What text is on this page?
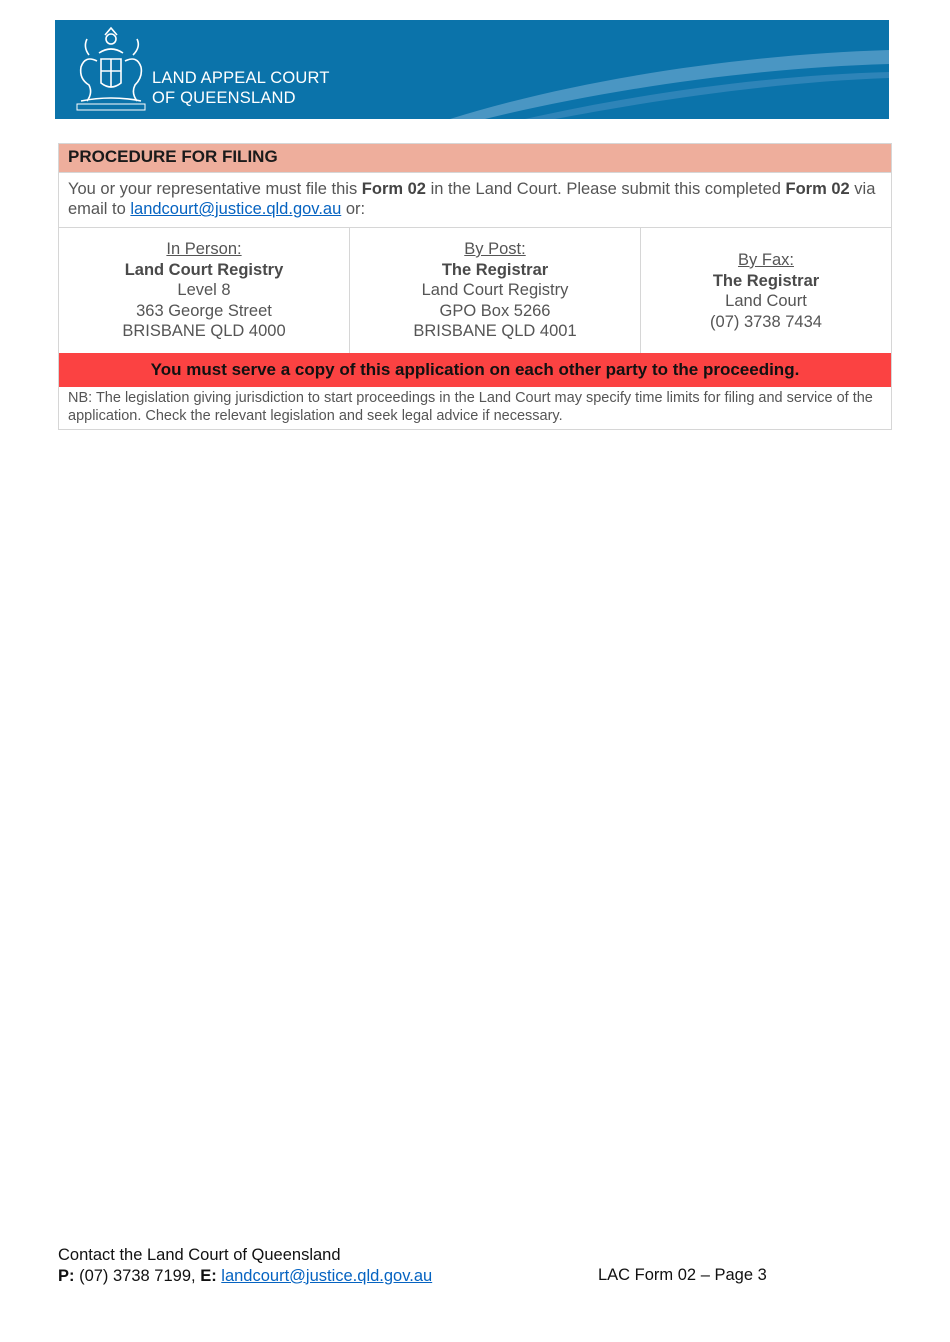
LAND APPEAL COURT
OF QUEENSLAND
PROCEDURE FOR FILING
You or your representative must file this Form 02 in the Land Court. Please submit this completed Form 02 via email to landcourt@justice.qld.gov.au or:
In Person:
Land Court Registry
Level 8
363 George Street
BRISBANE QLD 4000
By Post:
The Registrar
Land Court Registry
GPO Box 5266
BRISBANE QLD 4001
By Fax:
The Registrar
Land Court
(07) 3738 7434
You must serve a copy of this application on each other party to the proceeding.
NB: The legislation giving jurisdiction to start proceedings in the Land Court may specify time limits for filing and service of the application. Check the relevant legislation and seek legal advice if necessary.
Contact the Land Court of Queensland
P: (07) 3738 7199, E: landcourt@justice.qld.gov.au	LAC Form 02 – Page 3
